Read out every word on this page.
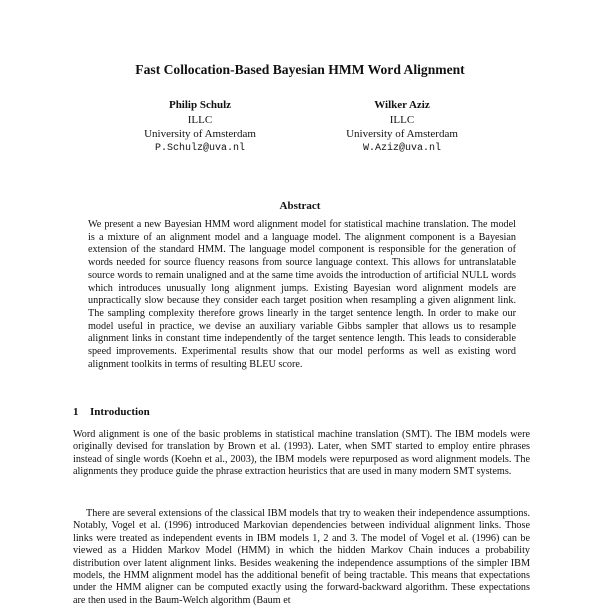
Fast Collocation-Based Bayesian HMM Word Alignment
Philip Schulz
ILLC
University of Amsterdam
P.Schulz@uva.nl
Wilker Aziz
ILLC
University of Amsterdam
W.Aziz@uva.nl
Abstract

We present a new Bayesian HMM word alignment model for statistical machine translation. The model is a mixture of an alignment model and a language model. The alignment component is a Bayesian extension of the standard HMM. The language model component is responsible for the generation of words needed for source fluency reasons from source language context. This allows for untranslatable source words to remain unaligned and at the same time avoids the introduction of artificial NULL words which introduces unusually long alignment jumps. Existing Bayesian word alignment models are unpractically slow because they consider each target position when resampling a given alignment link. The sampling complexity therefore grows linearly in the target sentence length. In order to make our model useful in practice, we devise an auxiliary variable Gibbs sampler that allows us to resample alignment links in constant time independently of the target sentence length. This leads to considerable speed improvements. Experimental results show that our model performs as well as existing word alignment toolkits in terms of resulting BLEU score.

1 Introduction

Word alignment is one of the basic problems in statistical machine translation (SMT). The IBM models were originally devised for translation by Brown et al. (1993). Later, when SMT started to employ entire phrases instead of single words (Koehn et al., 2003), the IBM models were repurposed as word alignment models. The alignments they produce guide the phrase extraction heuristics that are used in many modern SMT systems.

There are several extensions of the classical IBM models that try to weaken their independence assumptions. Notably, Vogel et al. (1996) introduced Markovian dependencies between individual alignment links. Those links were treated as independent events in IBM models 1, 2 and 3. The model of Vogel et al. (1996) can be viewed as a Hidden Markov Model (HMM) in which the hidden Markov Chain induces a probability distribution over latent alignment links. Besides weakening the independence assumptions of the simpler IBM models, the HMM alignment model has the additional benefit of being tractable. This means that expectations under the HMM aligner can be computed exactly using the forward-backward algorithm. These expectations are then used in the Baum-Welch algorithm (Baum et
